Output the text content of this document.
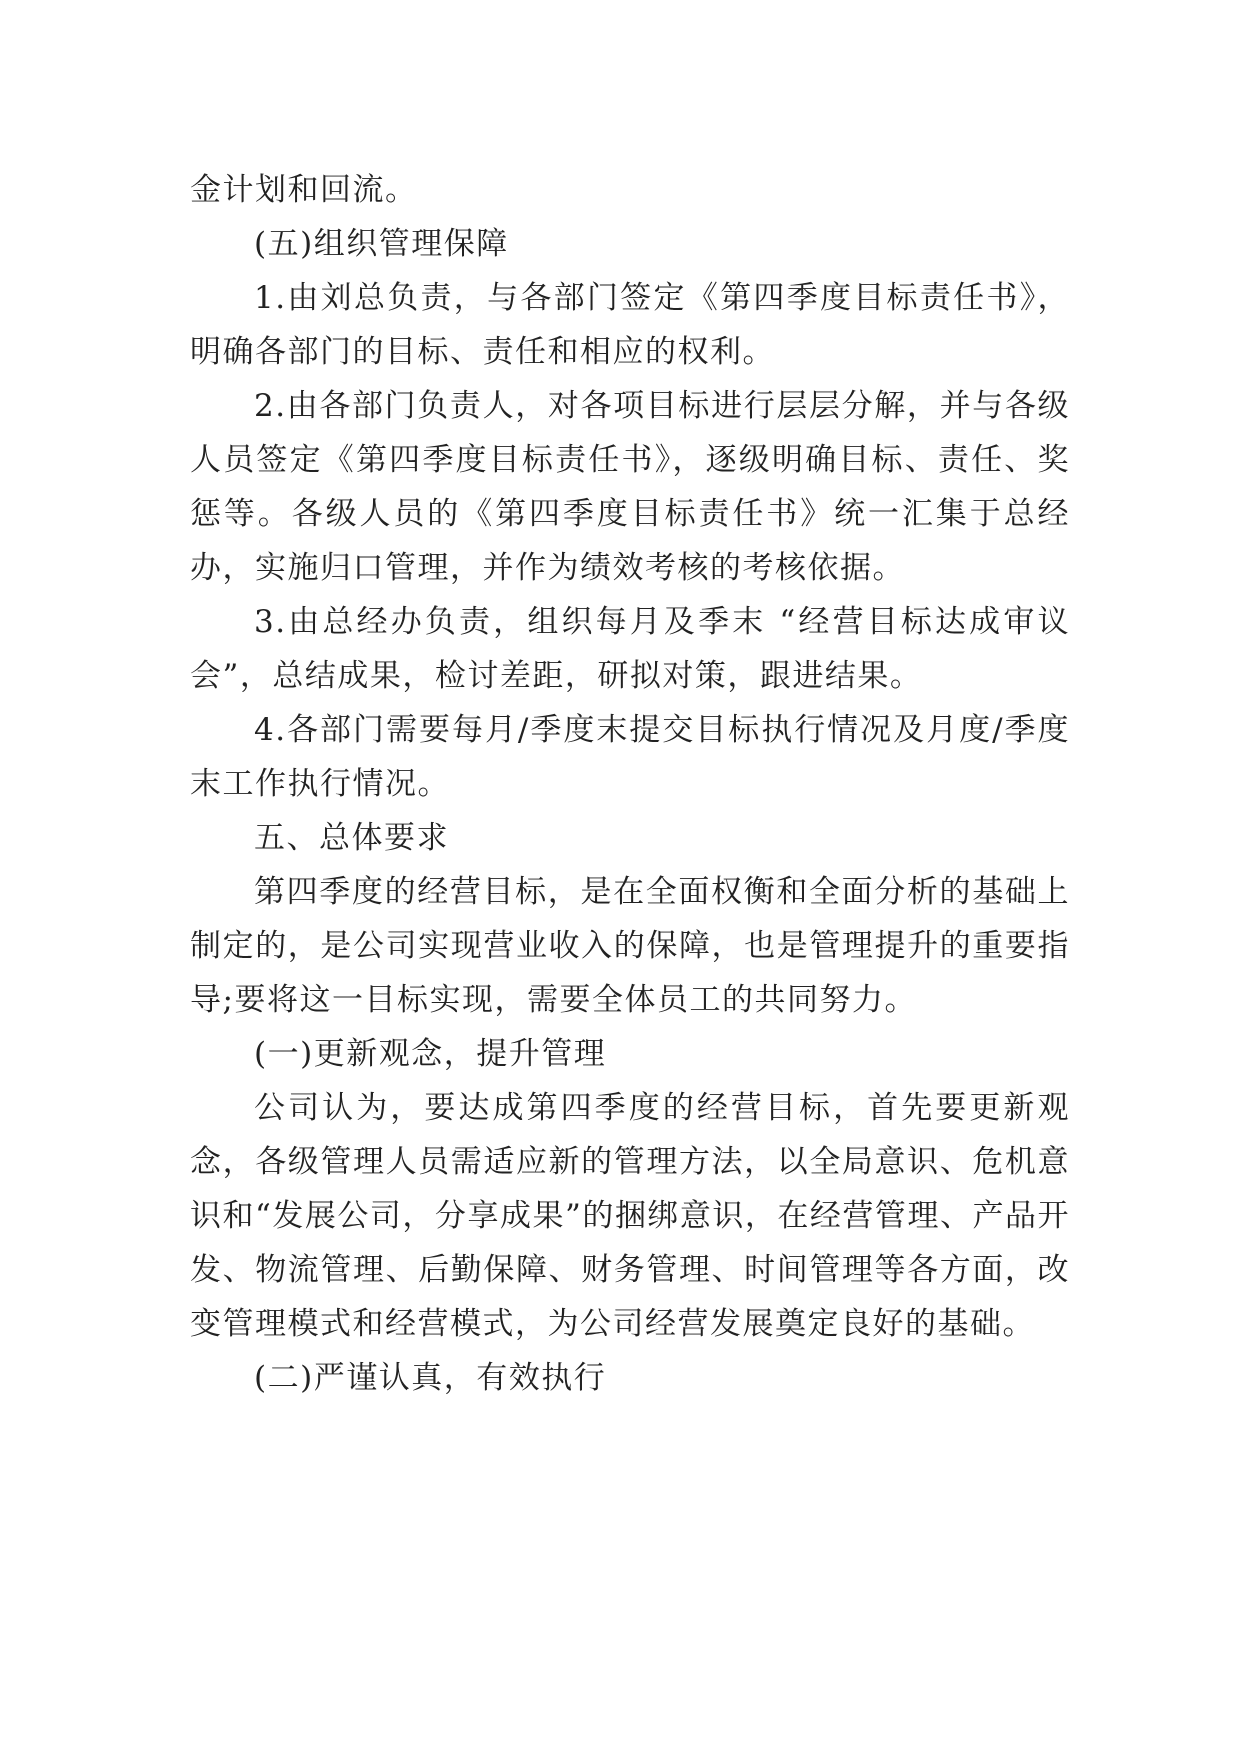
金计划和回流。

(五)组织管理保障

1.由刘总负责，与各部门签定《第四季度目标责任书》，明确各部门的目标、责任和相应的权利。

2.由各部门负责人，对各项目标进行层层分解，并与各级人员签定《第四季度目标责任书》，逐级明确目标、责任、奖惩等。各级人员的《第四季度目标责任书》统一汇集于总经办，实施归口管理，并作为绩效考核的考核依据。

3.由总经办负责，组织每月及季末 “经营目标达成审议会”，总结成果，检讨差距，研拟对策，跟进结果。

4.各部门需要每月/季度末提交目标执行情况及月度/季度末工作执行情况。

五、总体要求

第四季度的经营目标，是在全面权衡和全面分析的基础上制定的，是公司实现营业收入的保障，也是管理提升的重要指导;要将这一目标实现，需要全体员工的共同努力。

(一)更新观念，提升管理

公司认为，要达成第四季度的经营目标，首先要更新观念，各级管理人员需适应新的管理方法，以全局意识、危机意识和“发展公司，分享成果”的捆绑意识，在经营管理、产品开发、物流管理、后勤保障、财务管理、时间管理等各方面，改变管理模式和经营模式，为公司经营发展奠定良好的基础。

(二)严谨认真，有效执行
